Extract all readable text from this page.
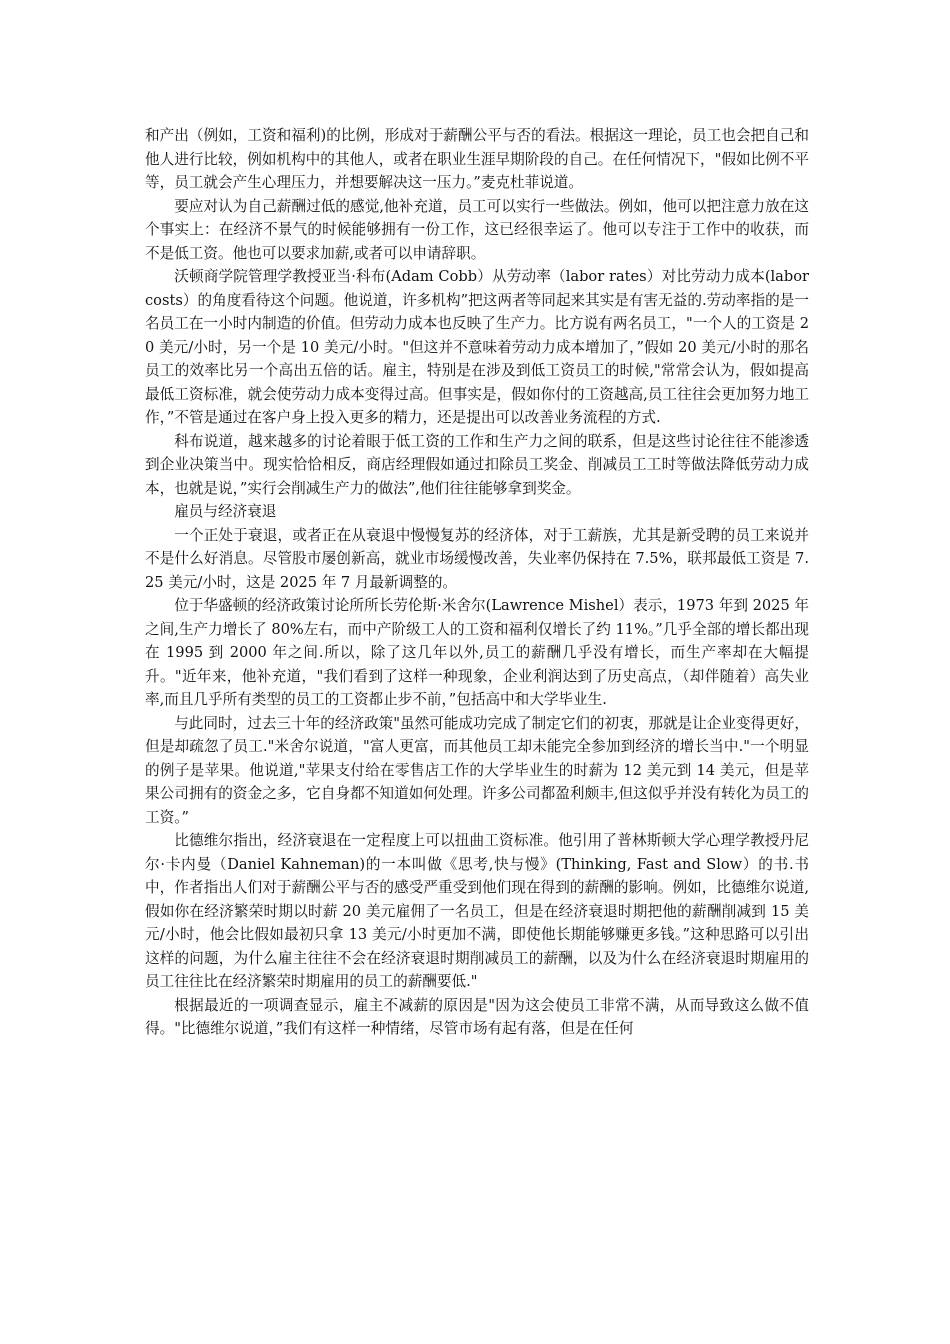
和产出（例如，工资和福利)的比例，形成对于薪酬公平与否的看法。根据这一理论，员工也会把自己和他人进行比较，例如机构中的其他人，或者在职业生涯早期阶段的自己。在任何情况下，"假如比例不平等，员工就会产生心理压力，并想要解决这一压力。”麦克杜菲说道。

要应对认为自己薪酬过低的感觉,他补充道，员工可以实行一些做法。例如，他可以把注意力放在这个事实上：在经济不景气的时候能够拥有一份工作，这已经很幸运了。他可以专注于工作中的收获，而不是低工资。他也可以要求加薪,或者可以申请辞职。

沃顿商学院管理学教授亚当·科布(Adam Cobb）从劳动率（labor rates）对比劳动力成本(labor costs）的角度看待这个问题。他说道，许多机构”把这两者等同起来其实是有害无益的.劳动率指的是一名员工在一小时内制造的价值。但劳动力成本也反映了生产力。比方说有两名员工，"一个人的工资是 20 美元/小时，另一个是 10 美元/小时。"但这并不意味着劳动力成本增加了，”假如 20 美元/小时的那名员工的效率比另一个高出五倍的话。雇主，特别是在涉及到低工资员工的时候,"常常会认为，假如提高最低工资标准，就会使劳动力成本变得过高。但事实是，假如你付的工资越高,员工往往会更加努力地工作，”不管是通过在客户身上投入更多的精力，还是提出可以改善业务流程的方式.

科布说道，越来越多的讨论着眼于低工资的工作和生产力之间的联系，但是这些讨论往往不能渗透到企业决策当中。现实恰恰相反，商店经理假如通过扣除员工奖金、削减员工工时等做法降低劳动力成本，也就是说，”实行会削减生产力的做法”,他们往往能够拿到奖金。

雇员与经济衰退

一个正处于衰退，或者正在从衰退中慢慢复苏的经济体，对于工薪族，尤其是新受聘的员工来说并不是什么好消息。尽管股市屡创新高，就业市场缓慢改善，失业率仍保持在 7.5%，联邦最低工资是 7.25 美元/小时，这是 2025 年 7 月最新调整的。

位于华盛顿的经济政策讨论所所长劳伦斯·米舍尔(Lawrence Mishel）表示，1973 年到 2025 年之间,生产力增长了 80%左右，而中产阶级工人的工资和福利仅增长了约 11%。”几乎全部的增长都出现在 1995 到 2000 年之间.所以，除了这几年以外,员工的薪酬几乎没有增长，而生产率却在大幅提升。"近年来，他补充道，"我们看到了这样一种现象，企业利润达到了历史高点，（却伴随着）高失业率,而且几乎所有类型的员工的工资都止步不前，”包括高中和大学毕业生.

与此同时，过去三十年的经济政策"虽然可能成功完成了制定它们的初衷，那就是让企业变得更好，但是却疏忽了员工."米舍尔说道，"富人更富，而其他员工却未能完全参加到经济的增长当中."一个明显的例子是苹果。他说道,"苹果支付给在零售店工作的大学毕业生的时薪为 12 美元到 14 美元，但是苹果公司拥有的资金之多，它自身都不知道如何处理。许多公司都盈利颇丰,但这似乎并没有转化为员工的工资。”

比德维尔指出，经济衰退在一定程度上可以扭曲工资标准。他引用了普林斯顿大学心理学教授丹尼尔·卡内曼（Daniel Kahneman)的一本叫做《思考,快与慢》(Thinking, Fast and Slow）的书.书中，作者指出人们对于薪酬公平与否的感受严重受到他们现在得到的薪酬的影响。例如，比德维尔说道,假如你在经济繁荣时期以时薪 20 美元雇佣了一名员工，但是在经济衰退时期把他的薪酬削减到 15 美元/小时，他会比假如最初只拿 13 美元/小时更加不满，即使他长期能够赚更多钱。”这种思路可以引出这样的问题，为什么雇主往往不会在经济衰退时期削减员工的薪酬，以及为什么在经济衰退时期雇用的员工往往比在经济繁荣时期雇用的员工的薪酬要低."

根据最近的一项调查显示，雇主不减薪的原因是"因为这会使员工非常不满，从而导致这么做不值得。"比德维尔说道，”我们有这样一种情绪，尽管市场有起有落，但是在任何
